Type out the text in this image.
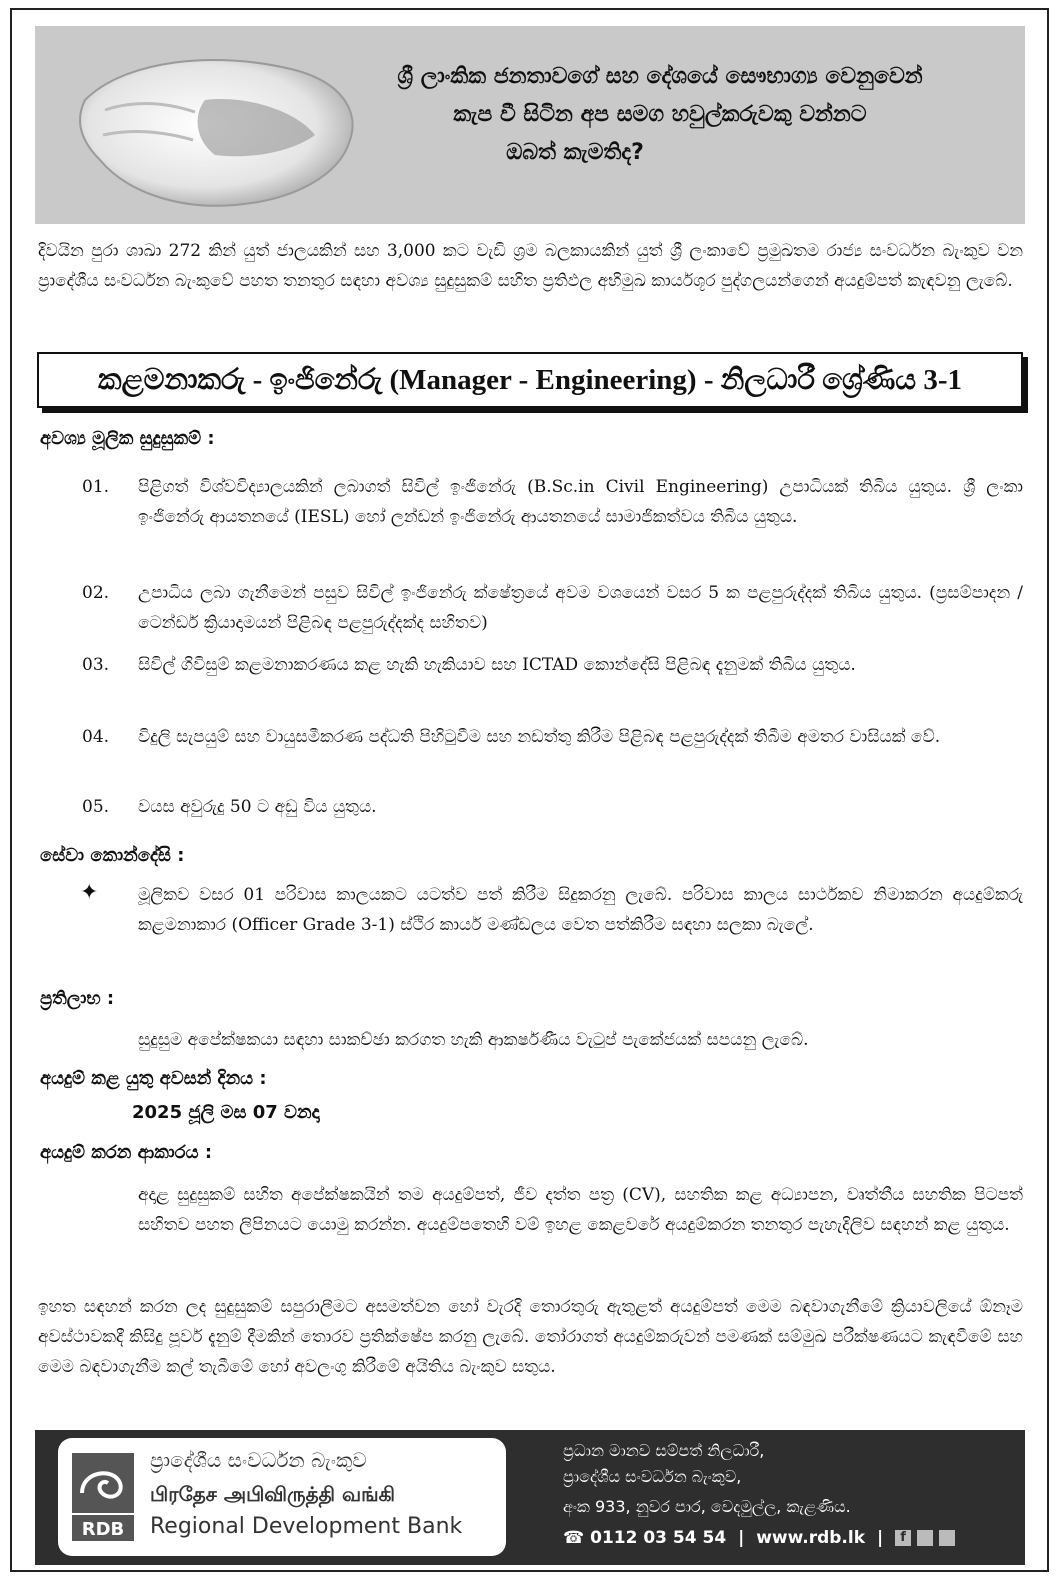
ශ්‍රී ලාංකික ජනතාවගේ සහ දේශයේ සෞභාග්‍ය වෙනුවෙන්
කැප වී සිටින අප සමග හවුල්කරුවකු වන්නට
ඔබත් කැමතිද?
දිවයින පුරා ශාඛා 272 කින් යුත් ජාලයකින් සහ 3,000 කට වැඩි ශ්‍රම බලකායකින් යුත් ශ්‍රී ලංකාවේ ප්‍රමුඛතම රාජ්‍ය සංවර්ධන බැංකුව වන ප්‍රාදේශීය සංවර්ධන බැංකුවේ පහත තනතුර සඳහා අවශ්‍ය සුදුසුකම් සහිත ප්‍රතිඵල අභිමුඛ කාර්යශූර පුද්ගලයන්ගෙන් අයදුම්පත් කැඳවනු ලැබේ.
කළමනාකරු - ඉංජිනේරු (Manager - Engineering) - නිලධාරී ශ්‍රේණිය 3-1
අවශ්‍ය මූලික සුදුසුකම් :
01. පිළිගත් විශ්වවිද්‍යාලයකින් ලබාගත් සිවිල් ඉංජිනේරු (B.Sc.in Civil Engineering) උපාධියක් තිබිය යුතුය. ශ්‍රී ලංකා ඉංජිනේරු ආයතනයේ (IESL) හෝ ලන්ඩන් ඉංජිනේරු ආයතනයේ සාමාජිකත්වය තිබිය යුතුය.
02. උපාධිය ලබා ගැනීමෙන් පසුව සිවිල් ඉංජිනේරු ක්ෂේත්‍රයේ අවම වශයෙන් වසර 5 ක පළපුරුද්දක් තිබිය යුතුය. (ප්‍රසම්පාදන / ටෙන්ඩර් ක්‍රියාදාමයන් පිළිබඳ පළපුරුද්දක්ද සහිතව)
03. සිවිල් ගිවිසුම් කළමනාකරණය කළ හැකි හැකියාව සහ ICTAD කොන්දේසි පිළිබඳ දැනුමක් තිබිය යුතුය.
04. විදුලි සැපයුම් සහ වායුසමීකරණ පද්ධති පිහිටුවීම සහ නඩත්තු කිරීම පිළිබඳ පළපුරුද්දක් තිබීම අමතර වාසියක් වේ.
05. වයස අවුරුදු 50 ට අඩු විය යුතුය.
සේවා කොන්දේසි :
✦ මූලිකව වසර 01 පරිවාස කාලයකට යටත්ව පත් කිරීම සිදුකරනු ලැබේ. පරිවාස කාලය සාර්ථකව නිමාකරන අයදුම්කරු කළමනාකාර (Officer Grade 3-1) ස්ථිර කාර්ය මණ්ඩලය වෙත පත්කිරීම සඳහා සලකා බැලේ.
ප්‍රතිලාභ :
සුදුසුම අපේක්ෂකයා සඳහා සාකච්ඡා කරගත හැකි ආකර්ෂණීය වැටුප් පැකේජයක් සපයනු ලැබේ.
අයදුම් කළ යුතු අවසන් දිනය :
2025 ජූලි මස 07 වනදා
අයදුම් කරන ආකාරය :
අදාළ සුදුසුකම් සහිත අපේක්ෂකයින් තම අයදුම්පත්, ජීව දත්ත පත්‍ර (CV), සහතික කළ අධ්‍යාපන, වෘත්තීය සහතික පිටපත් සහිතව පහත ලිපිනයට යොමු කරන්න. අයදුම්පතෙහි වම් ඉහළ කෙළවරේ අයදුම්කරන තනතුර පැහැදිලිව සඳහන් කළ යුතුය.
ඉහත සඳහන් කරන ලද සුදුසුකම් සපුරාලීමට අසමත්වන හෝ වැරදි තොරතුරු ඇතුළත් අයදුම්පත් මෙම බඳවාගැනීමේ ක්‍රියාවලියේ ඕනෑම අවස්ථාවකදී කිසිදු පූර්ව දැනුම් දීමකින් තොරව ප්‍රතික්ෂේප කරනු ලැබේ. තෝරාගත් අයදුම්කරුවන් පමණක් සම්මුඛ පරීක්ෂණයට කැඳවීමේ සහ මෙම බඳවාගැනීම කල් තැබීමේ හෝ අවලංගු කිරීමේ අයිතිය බැංකුව සතුය.
RDB
ප්‍රාදේශීය සංවර්ධන බැංකුව
பிரதேச அபிவிருத்தி வங்கி
Regional Development Bank
ප්‍රධාන මානව සම්පත් නිලධාරී,
ප්‍රාදේශීය සංවර්ධන බැංකුව,
අංක 933, නුවර පාර, වෙදමුල්ල, කැළණිය.
☎ 0112 03 54 54 | www.rdb.lk | f
